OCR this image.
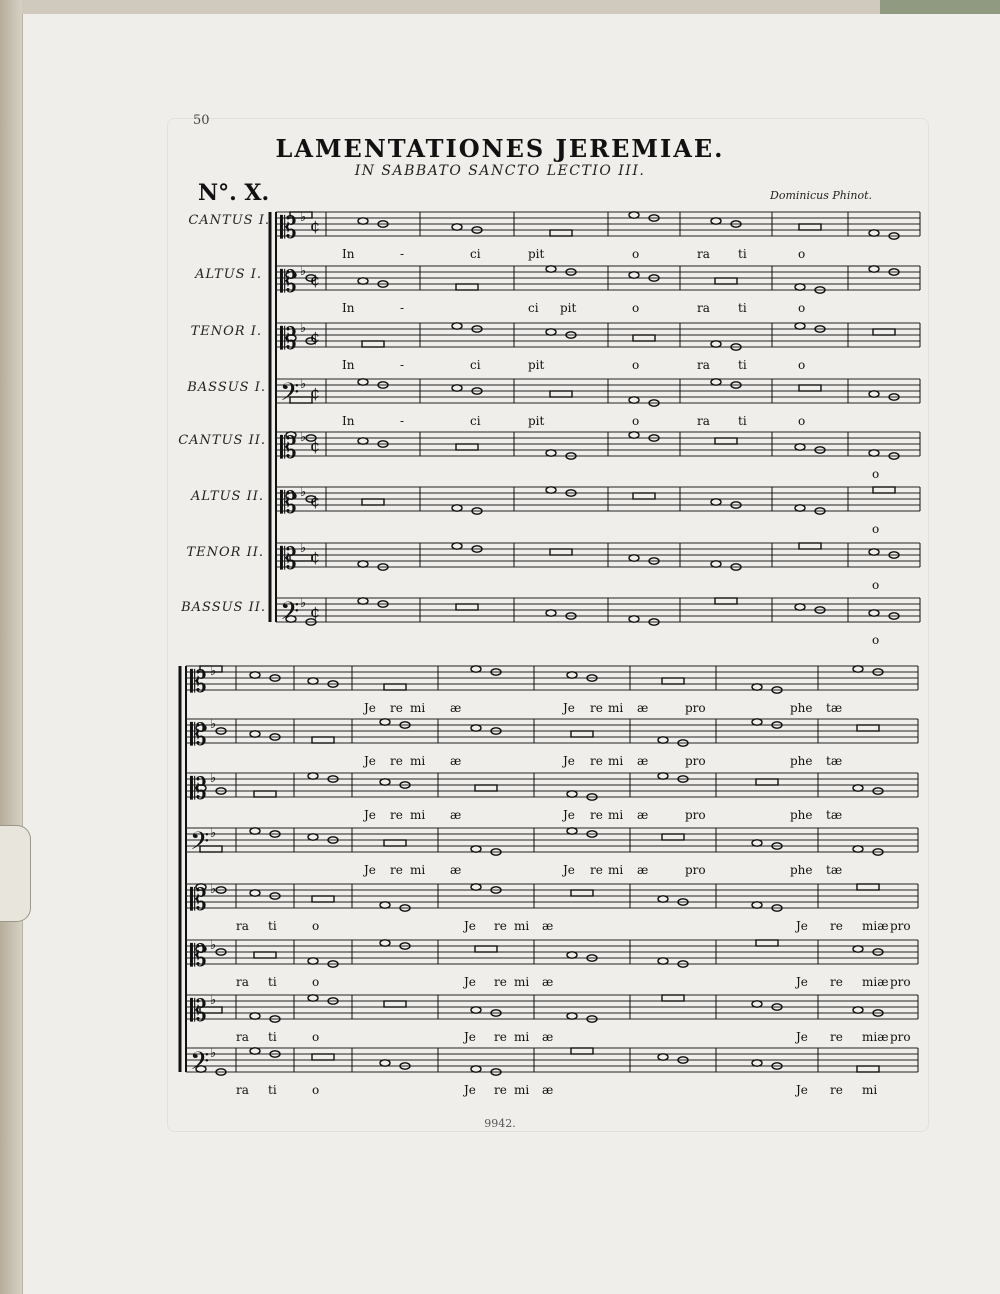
50
LAMENTATIONES JEREMIAE.
IN SABBATO SANCTO LECTIO III.
N°. X.	Dominicus Phinot.
9942.
CANTUS I.
ALTUS I.
TENOR I.
BASSUS I.
CANTUS II.
ALTUS II.
TENOR II.
BASSUS II.
𝄡 ♭ ¢
𝄡 ♭ ¢
𝄡 ♭ ¢
𝄢 ♭ ¢
𝄡 ♭ ¢
𝄡 ♭ ¢
𝄡 ♭ ¢
𝄢 ♭ ¢
In	-	ci	pit	o	ra ti	o
In	-	ci pit	o	ra ti	o
In	-	ci	pit	o	ra ti	o
In	-	ci	pit	o	ra ti	o
o
o
o
o
𝄡 ♭
𝄡 ♭
𝄡 ♭
𝄢 ♭
𝄡 ♭
𝄡 ♭
𝄡 ♭
𝄢 ♭
Je re mi æ	Je re mi æ	pro	phe tæ
Je re mi æ	Je re mi æ	pro	phe tæ
Je re mi æ	Je re mi æ	pro	phe tæ
Je re mi æ	Je re mi æ	pro	phe tæ
ra ti	o	Je re mi æ	Je re miæ pro
ra ti	o	Je re mi æ	Je re miæ pro
ra ti	o	Je re mi æ	Je re miæ pro
ra ti	o	Je re mi æ	Je re mi
